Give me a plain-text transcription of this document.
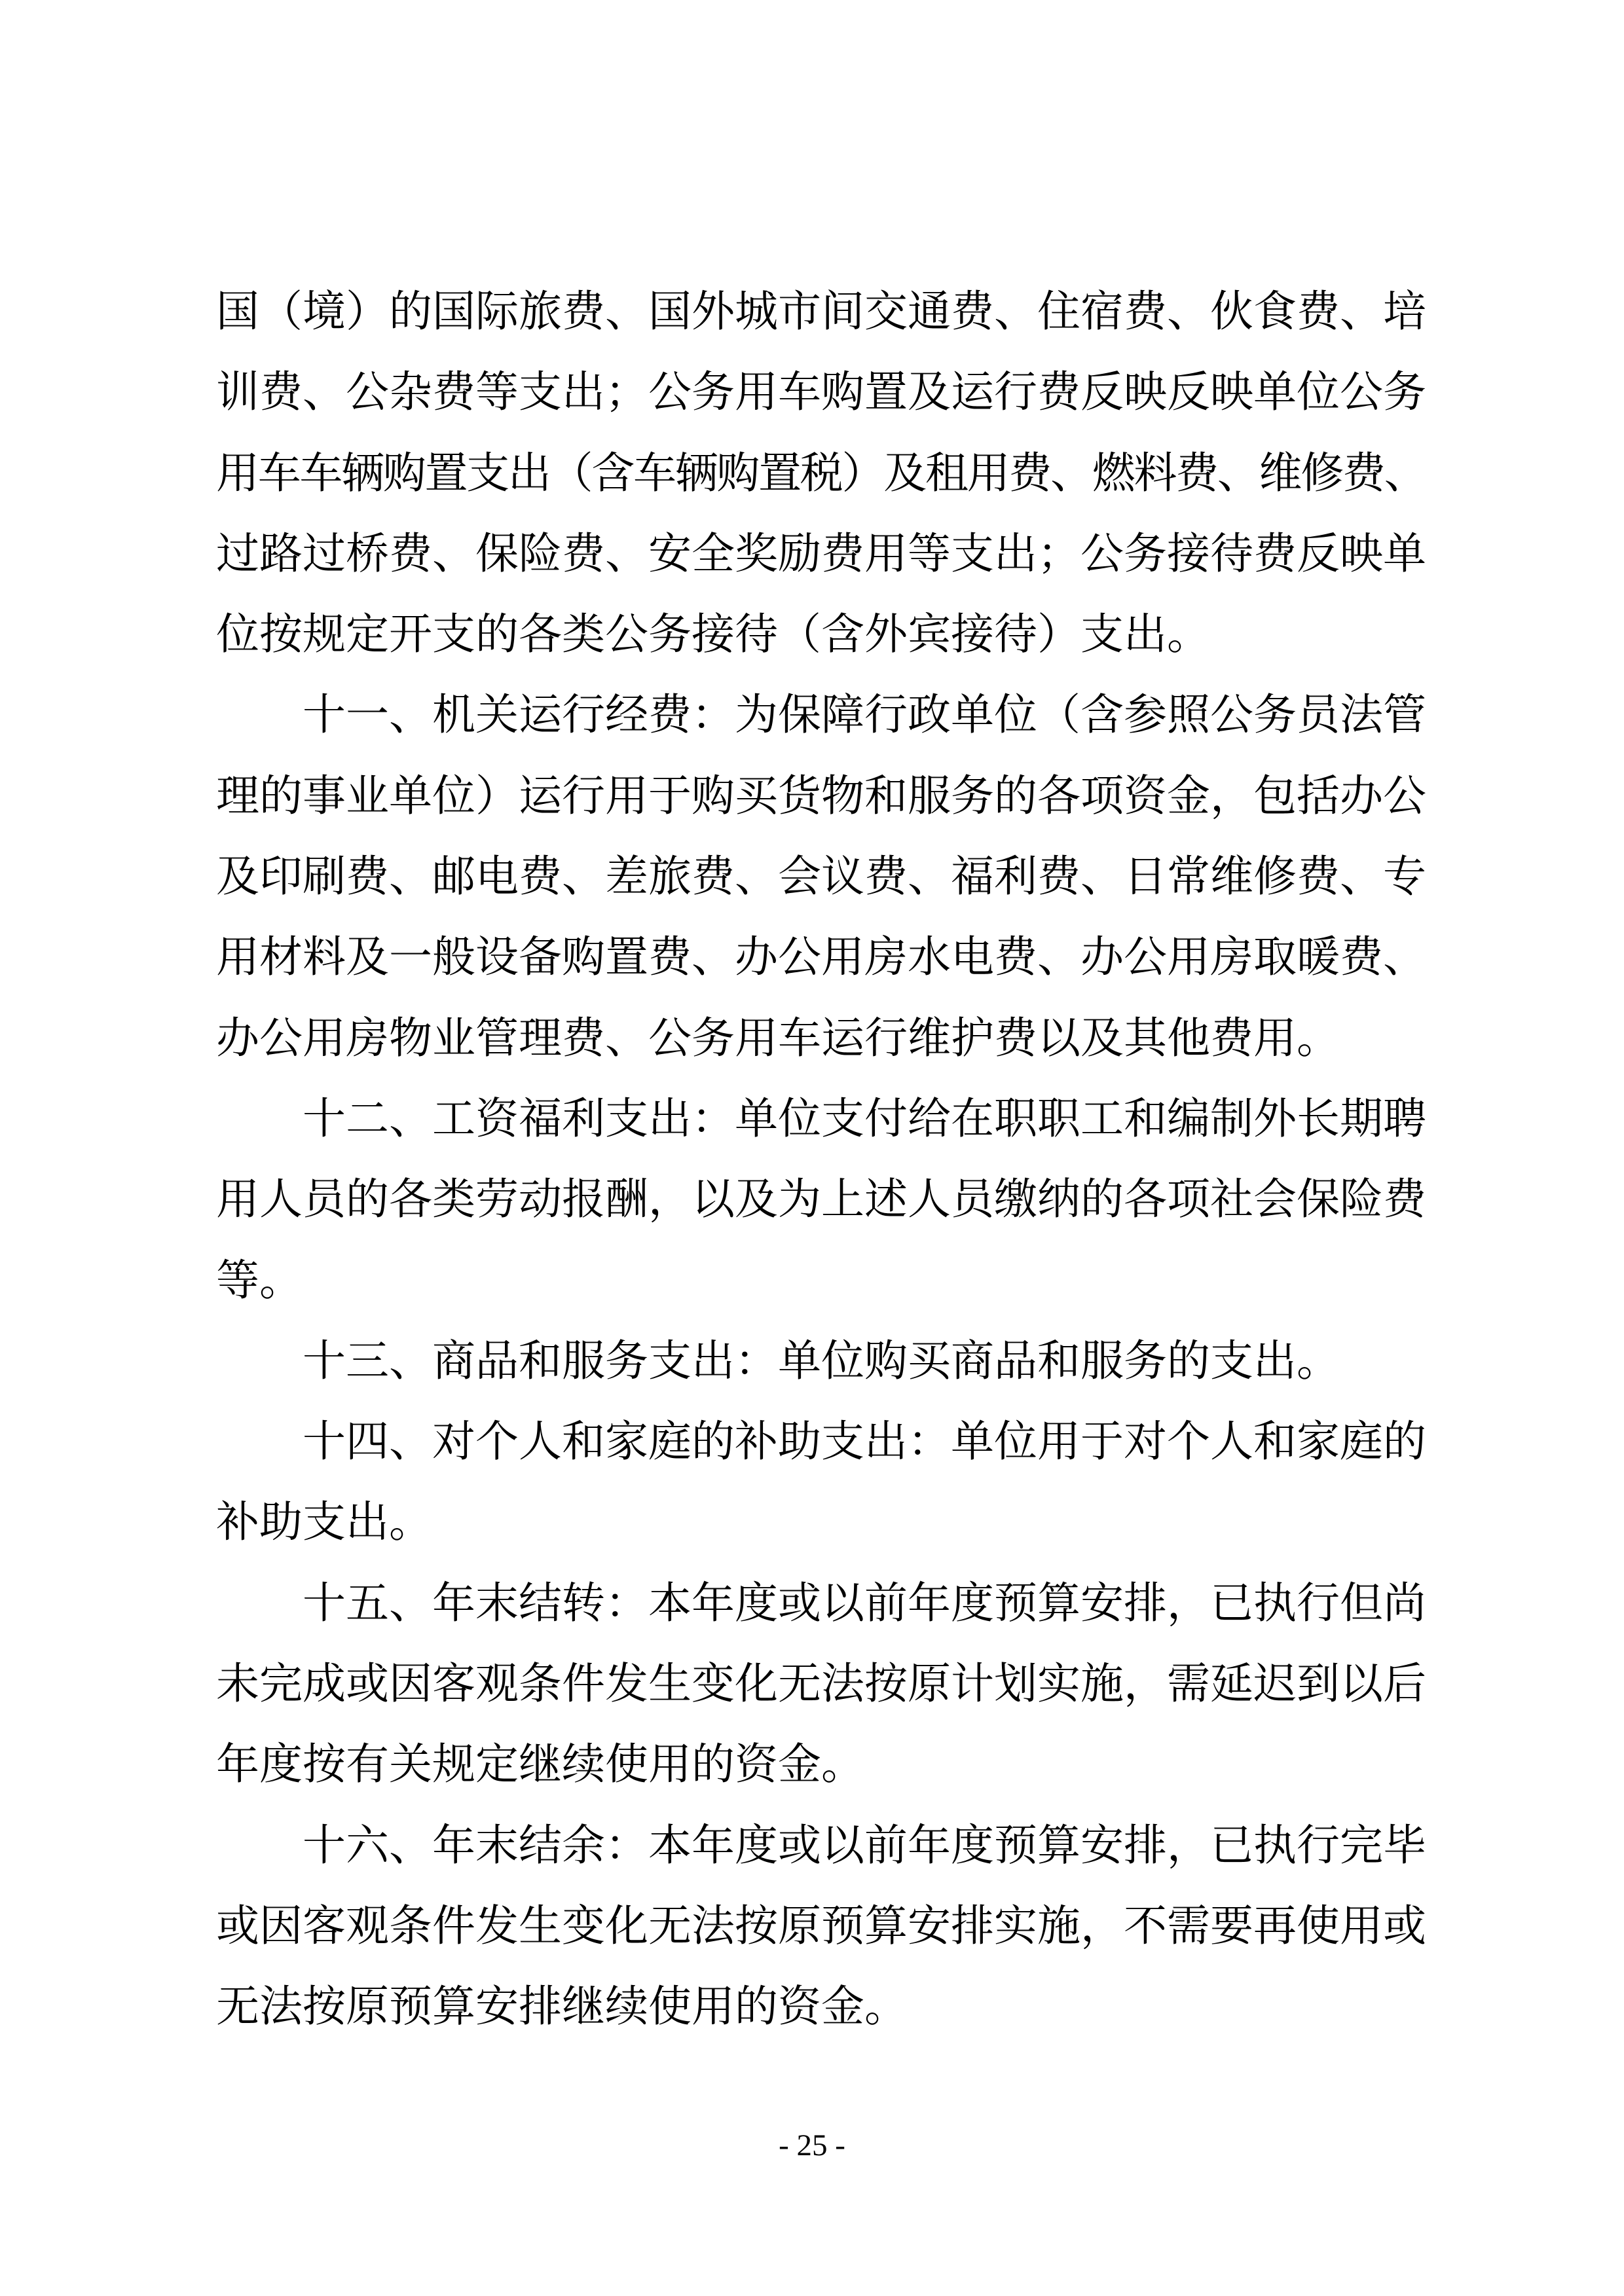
国（境）的国际旅费、国外城市间交通费、住宿费、伙食费、培
训费、公杂费等支出；公务用车购置及运行费反映反映单位公务
用车车辆购置支出（含车辆购置税）及租用费、燃料费、维修费、
过路过桥费、保险费、安全奖励费用等支出；公务接待费反映单
位按规定开支的各类公务接待（含外宾接待）支出。
十一、机关运行经费：为保障行政单位（含参照公务员法管
理的事业单位）运行用于购买货物和服务的各项资金，包括办公
及印刷费、邮电费、差旅费、会议费、福利费、日常维修费、专
用材料及一般设备购置费、办公用房水电费、办公用房取暖费、
办公用房物业管理费、公务用车运行维护费以及其他费用。
十二、工资福利支出：单位支付给在职职工和编制外长期聘
用人员的各类劳动报酬，以及为上述人员缴纳的各项社会保险费
等。
十三、商品和服务支出：单位购买商品和服务的支出。
十四、对个人和家庭的补助支出：单位用于对个人和家庭的
补助支出。
十五、年末结转：本年度或以前年度预算安排，已执行但尚
未完成或因客观条件发生变化无法按原计划实施，需延迟到以后
年度按有关规定继续使用的资金。
十六、年末结余：本年度或以前年度预算安排，已执行完毕
或因客观条件发生变化无法按原预算安排实施，不需要再使用或
无法按原预算安排继续使用的资金。
- 25 -
